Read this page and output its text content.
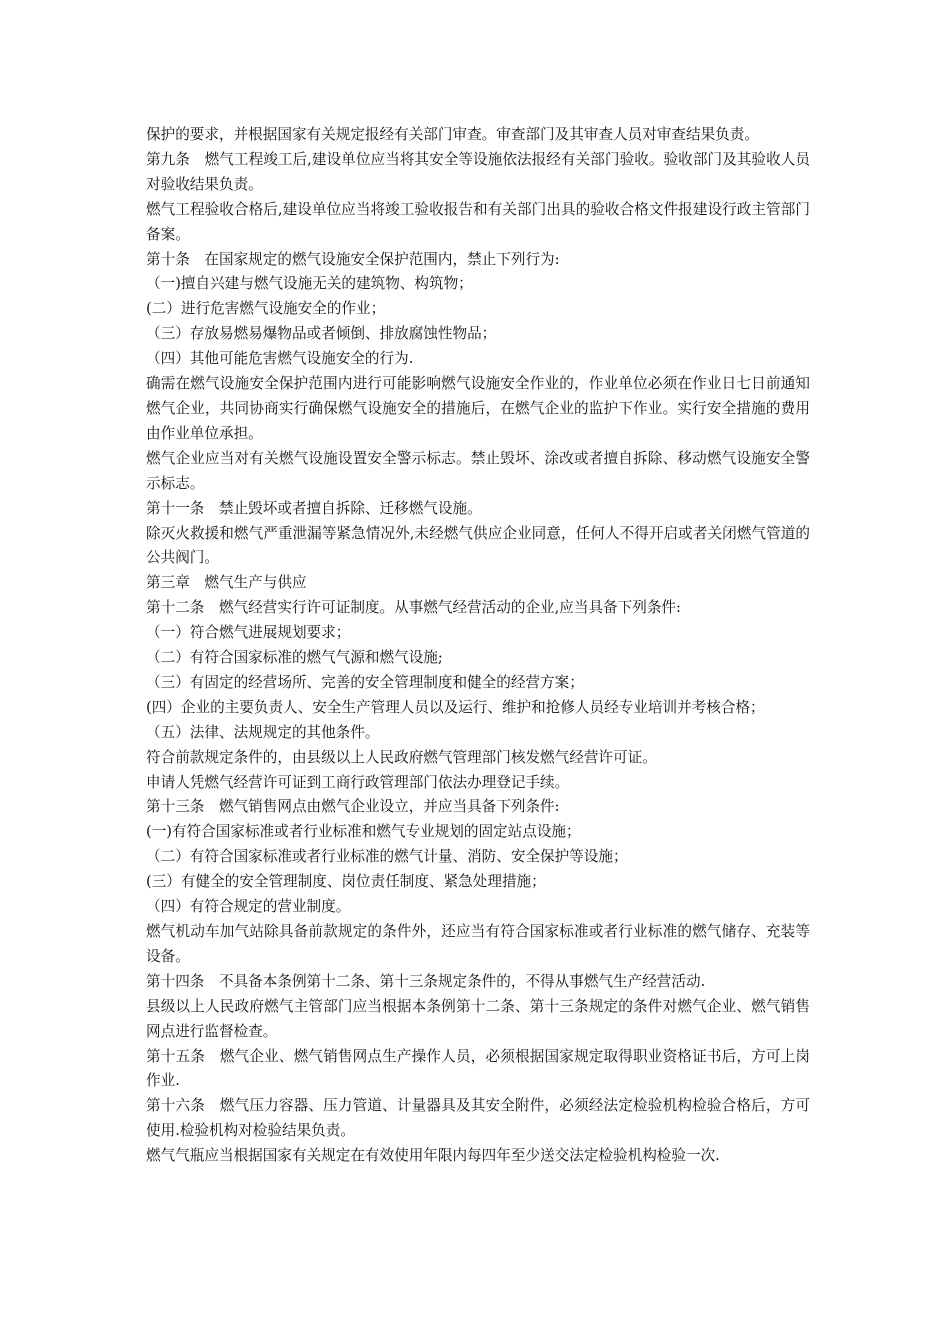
保护的要求，并根据国家有关规定报经有关部门审查。审查部门及其审查人员对审查结果负责。

第九条　燃气工程竣工后,建设单位应当将其安全等设施依法报经有关部门验收。验收部门及其验收人员对验收结果负责。

燃气工程验收合格后,建设单位应当将竣工验收报告和有关部门出具的验收合格文件报建设行政主管部门备案。

第十条　在国家规定的燃气设施安全保护范围内，禁止下列行为:

（一)擅自兴建与燃气设施无关的建筑物、构筑物；

(二）进行危害燃气设施安全的作业；

（三）存放易燃易爆物品或者倾倒、排放腐蚀性物品；

（四）其他可能危害燃气设施安全的行为.

确需在燃气设施安全保护范围内进行可能影响燃气设施安全作业的，作业单位必须在作业日七日前通知燃气企业，共同协商实行确保燃气设施安全的措施后，在燃气企业的监护下作业。实行安全措施的费用由作业单位承担。

燃气企业应当对有关燃气设施设置安全警示标志。禁止毁坏、涂改或者擅自拆除、移动燃气设施安全警示标志。

第十一条　禁止毁坏或者擅自拆除、迁移燃气设施。

除灭火救援和燃气严重泄漏等紧急情况外,未经燃气供应企业同意，任何人不得开启或者关闭燃气管道的公共阀门。

第三章　燃气生产与供应

第十二条　燃气经营实行许可证制度。从事燃气经营活动的企业,应当具备下列条件:

（一）符合燃气进展规划要求；

（二）有符合国家标准的燃气气源和燃气设施;

（三）有固定的经营场所、完善的安全管理制度和健全的经营方案；

(四）企业的主要负责人、安全生产管理人员以及运行、维护和抢修人员经专业培训并考核合格；

（五）法律、法规规定的其他条件。

符合前款规定条件的，由县级以上人民政府燃气管理部门核发燃气经营许可证。

申请人凭燃气经营许可证到工商行政管理部门依法办理登记手续。

第十三条　燃气销售网点由燃气企业设立，并应当具备下列条件:

(一)有符合国家标准或者行业标准和燃气专业规划的固定站点设施；

（二）有符合国家标准或者行业标准的燃气计量、消防、安全保护等设施；

(三）有健全的安全管理制度、岗位责任制度、紧急处理措施；

（四）有符合规定的营业制度。

燃气机动车加气站除具备前款规定的条件外，还应当有符合国家标准或者行业标准的燃气储存、充装等设备。

第十四条　不具备本条例第十二条、第十三条规定条件的，不得从事燃气生产经营活动.

县级以上人民政府燃气主管部门应当根据本条例第十二条、第十三条规定的条件对燃气企业、燃气销售网点进行监督检查。

第十五条　燃气企业、燃气销售网点生产操作人员，必须根据国家规定取得职业资格证书后，方可上岗作业.

第十六条　燃气压力容器、压力管道、计量器具及其安全附件，必须经法定检验机构检验合格后，方可使用.检验机构对检验结果负责。

燃气气瓶应当根据国家有关规定在有效使用年限内每四年至少送交法定检验机构检验一次.
